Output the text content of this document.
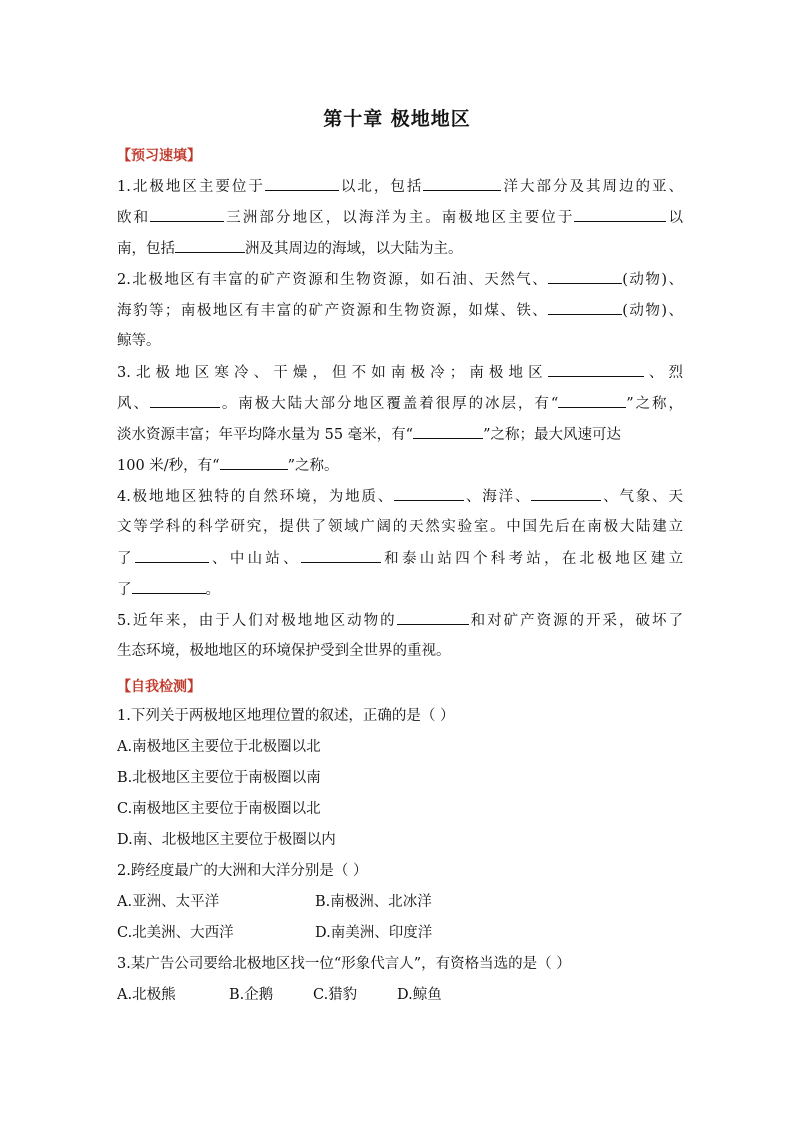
第十章 极地地区
【预习速填】
1.北极地区主要位于	以北，包括	洋大部分及其周边的亚、
欧和	三洲部分地区，以海洋为主。南极地区主要位于	以
南，包括	洲及其周边的海域，以大陆为主。
2.北极地区有丰富的矿产资源和生物资源，如石油、天然气、	(动物)、
海豹等；南极地区有丰富的矿产资源和生物资源，如煤、铁、	(动物)、
鲸等。
3.北极地区寒冷、干燥，但不如南极冷；南极地区	、烈
风、	。南极大陆大部分地区覆盖着很厚的冰层，有“	”之称，
淡水资源丰富；年平均降水量为 55 毫米，有“	”之称；最大风速可达
100 米/秒，有“	”之称。
4.极地地区独特的自然环境，为地质、	、海洋、	、气象、天
文等学科的科学研究，提供了领域广阔的天然实验室。中国先后在南极大陆建立
了	、中山站、	和泰山站四个科考站，在北极地区建立
了	。
5.近年来，由于人们对极地地区动物的	和对矿产资源的开采，破坏了
生态环境，极地地区的环境保护受到全世界的重视。
【自我检测】
1.下列关于两极地区地理位置的叙述，正确的是（ ）
A.南极地区主要位于北极圈以北
B.北极地区主要位于南极圈以南
C.南极地区主要位于南极圈以北
D.南、北极地区主要位于极圈以内
2.跨经度最广的大洲和大洋分别是（ ）
A.亚洲、太平洋	B.南极洲、北冰洋
C.北美洲、大西洋	D.南美洲、印度洋
3.某广告公司要给北极地区找一位“形象代言人”，有资格当选的是（ ）
A.北极熊	B.企鹅	C.猎豹	D.鲸鱼
